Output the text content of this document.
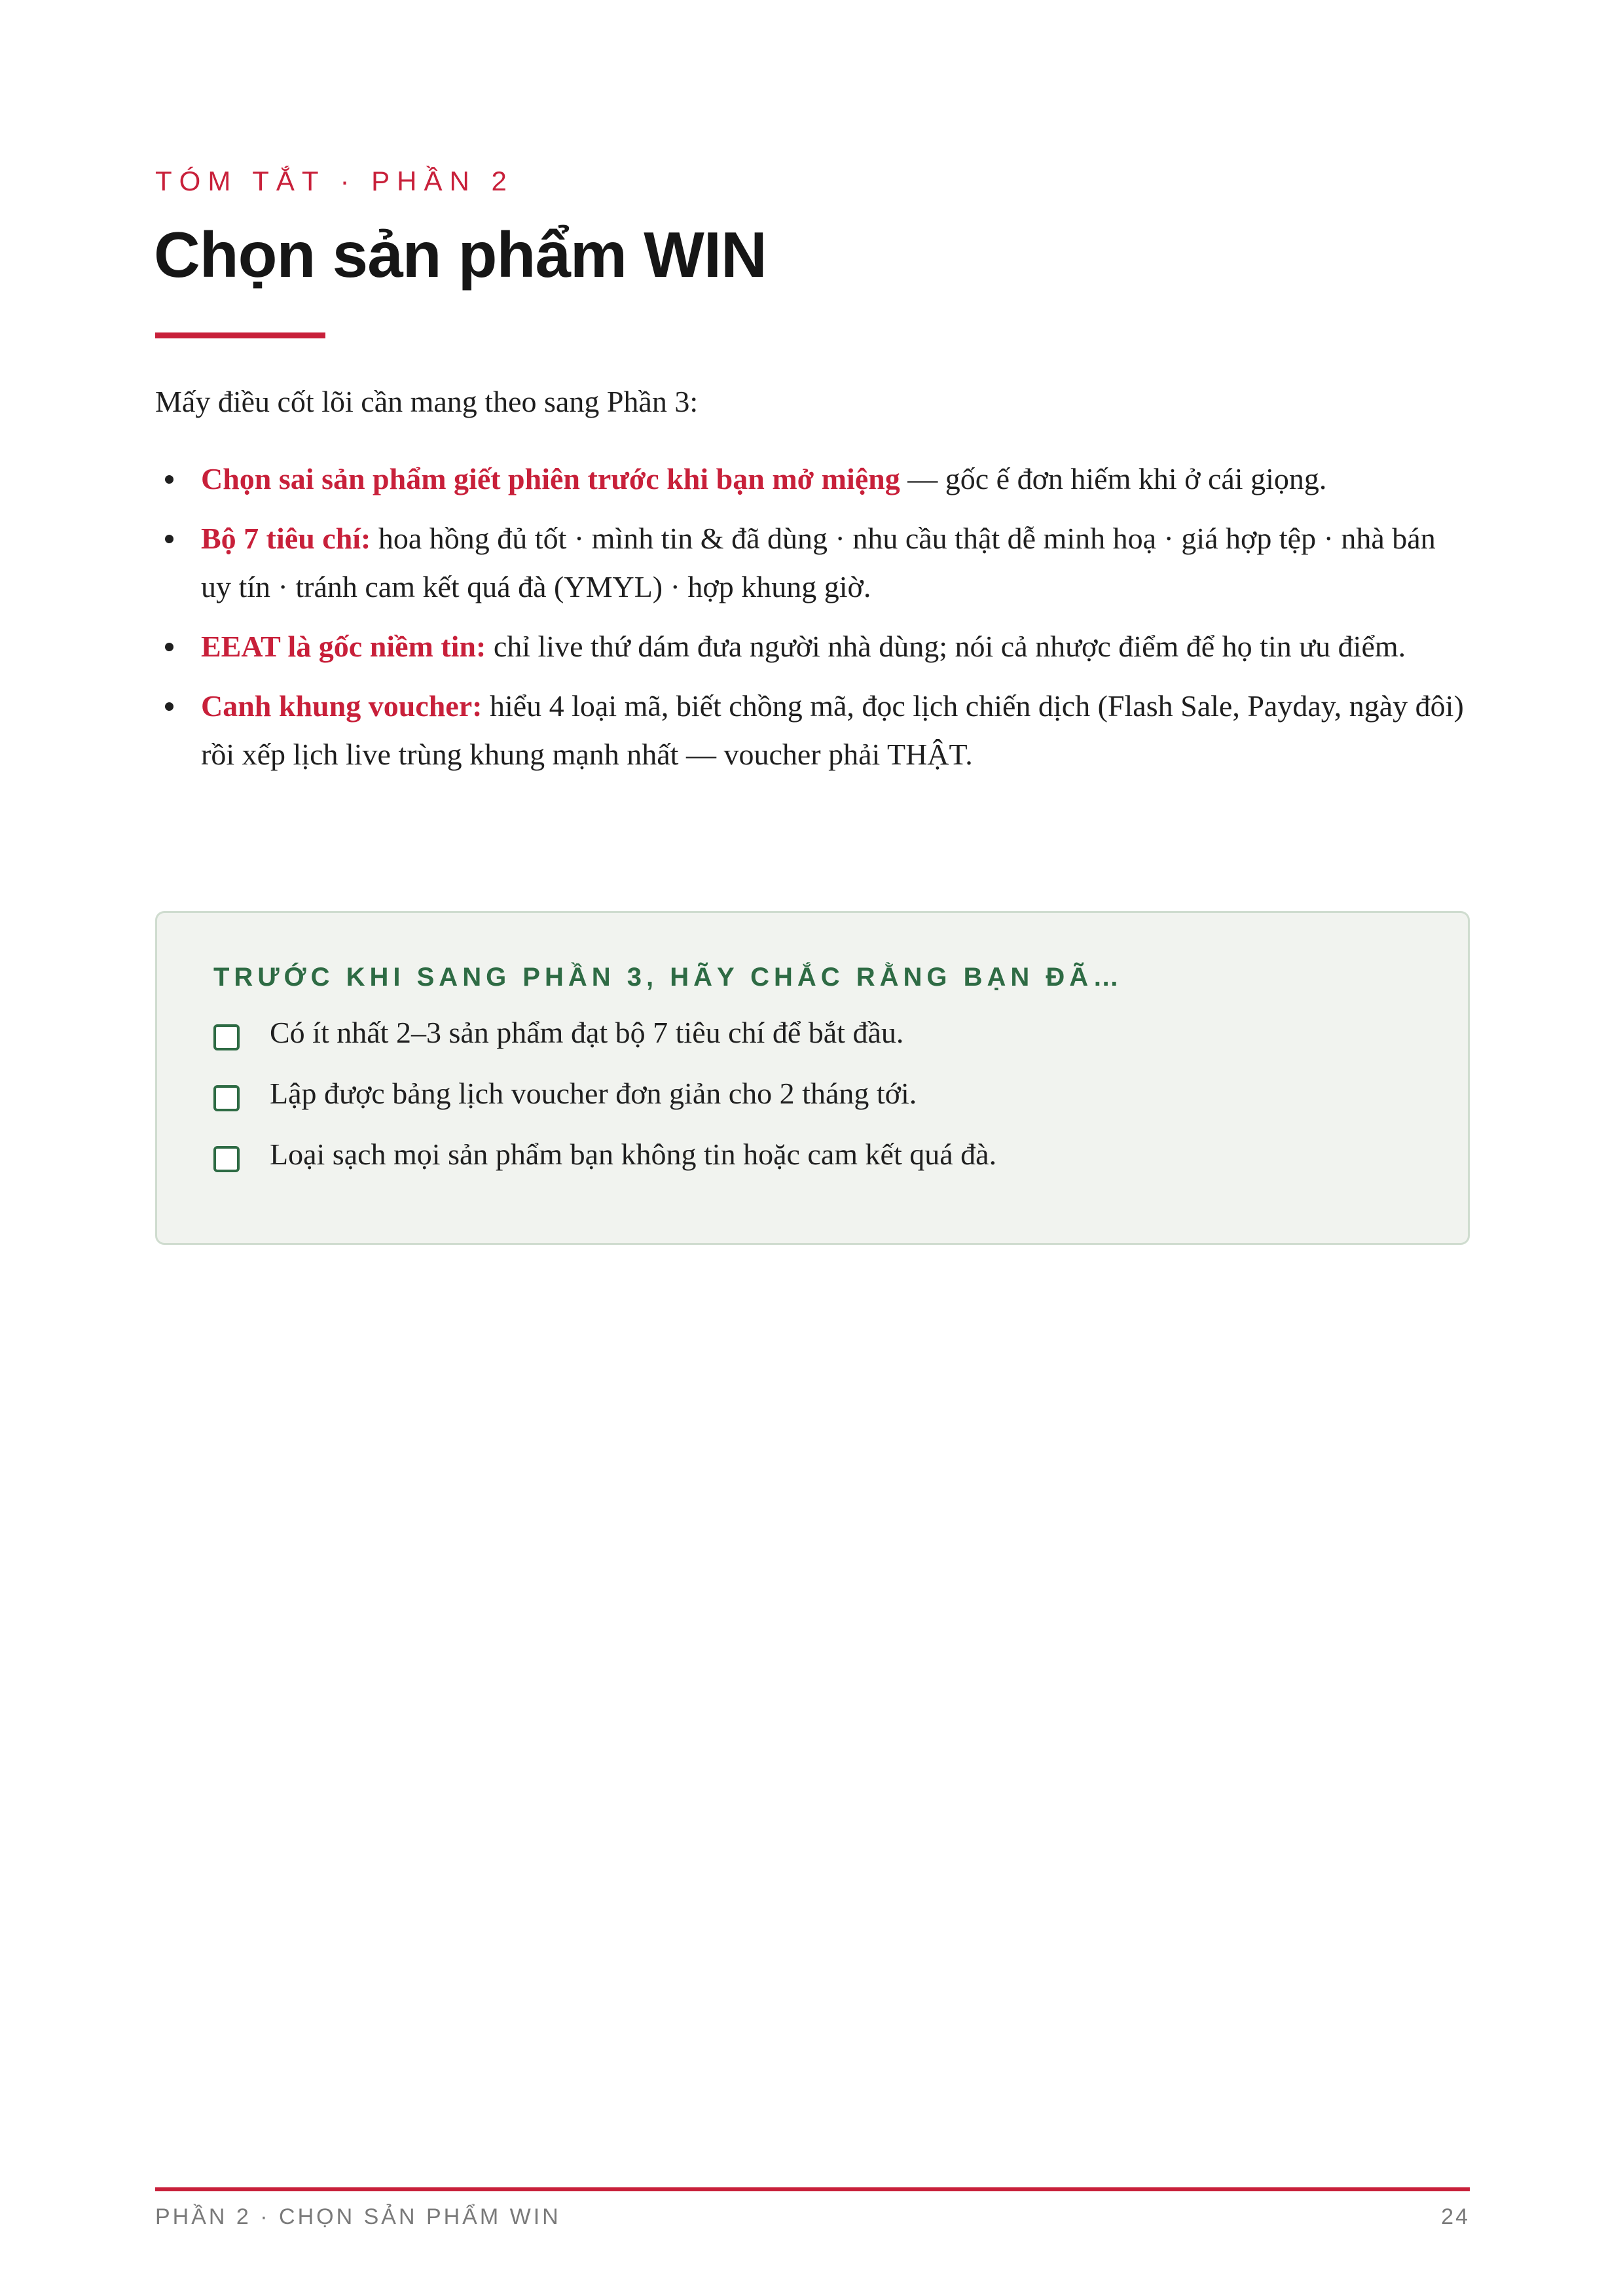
TÓM TẮT · PHẦN 2
Chọn sản phẩm WIN

Mấy điều cốt lõi cần mang theo sang Phần 3:

Chọn sai sản phẩm giết phiên trước khi bạn mở miệng — gốc ế đơn hiếm khi ở cái giọng.
Bộ 7 tiêu chí: hoa hồng đủ tốt · mình tin & đã dùng · nhu cầu thật dễ minh hoạ · giá hợp tệp · nhà bán uy tín · tránh cam kết quá đà (YMYL) · hợp khung giờ.
EEAT là gốc niềm tin: chỉ live thứ dám đưa người nhà dùng; nói cả nhược điểm để họ tin ưu điểm.
Canh khung voucher: hiểu 4 loại mã, biết chồng mã, đọc lịch chiến dịch (Flash Sale, Payday, ngày đôi) rồi xếp lịch live trùng khung mạnh nhất — voucher phải THẬT.
TRƯỚC KHI SANG PHẦN 3, HÃY CHẮC RẰNG BẠN ĐÃ…
Có ít nhất 2–3 sản phẩm đạt bộ 7 tiêu chí để bắt đầu.
Lập được bảng lịch voucher đơn giản cho 2 tháng tới.
Loại sạch mọi sản phẩm bạn không tin hoặc cam kết quá đà.
PHẦN 2 · CHỌN SẢN PHẨM WIN	24
